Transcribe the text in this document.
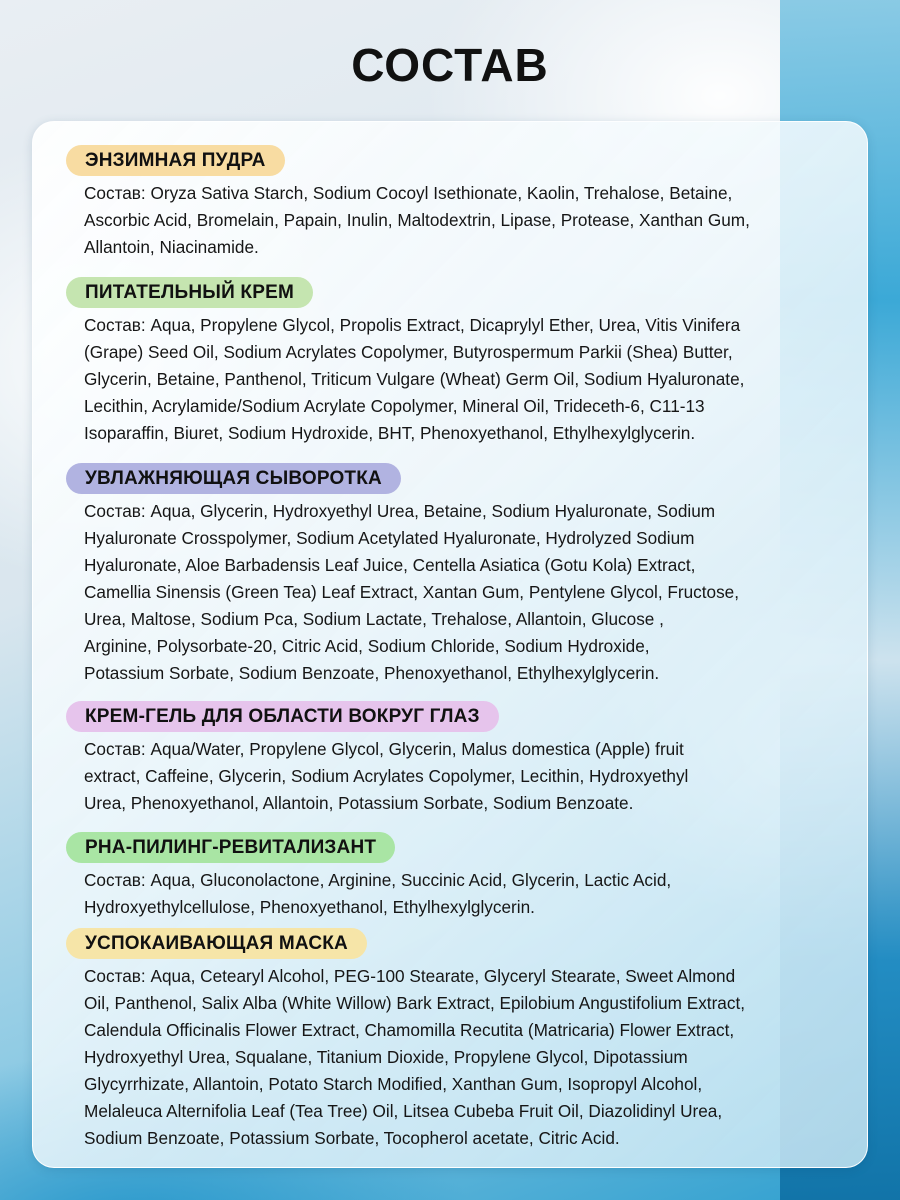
СОСТАВ
ЭНЗИМНАЯ ПУДРА
Состав: Oryza Sativa Starch, Sodium Cocoyl Isethionate, Kaolin, Trehalose, Betaine,
Ascorbic Acid, Bromelain, Papain, Inulin, Maltodextrin, Lipase, Protease, Xanthan Gum,
Allantoin, Niacinamide.
ПИТАТЕЛЬНЫЙ КРЕМ
Состав: Aqua, Propylene Glycol, Propolis Extract, Dicaprylyl Ether, Urea, Vitis Vinifera
(Grape) Seed Oil, Sodium Acrylates Copolymer, Butyrospermum Parkii (Shea) Butter,
Glycerin, Betaine, Panthenol, Triticum Vulgare (Wheat) Germ Oil, Sodium Hyaluronate,
Lecithin, Acrylamide/Sodium Acrylate Copolymer, Mineral Oil, Trideceth-6, C11-13
Isoparaffin, Biuret, Sodium Hydroxide, BHT, Phenoxyethanol, Ethylhexylglycerin.
УВЛАЖНЯЮЩАЯ СЫВОРОТКА
Состав: Aqua, Glycerin, Hydroxyethyl Urea, Betaine, Sodium Hyaluronate, Sodium
Hyaluronate Crosspolymer, Sodium Acetylated Hyaluronate, Hydrolyzed Sodium
Hyaluronate, Aloe Barbadensis Leaf Juice, Centella Asiatica (Gotu Kola) Extract,
Camellia Sinensis (Green Tea) Leaf Extract, Xantan Gum, Pentylene Glycol, Fructose,
Urea, Maltose, Sodium Pca, Sodium Lactate, Trehalose, Allantoin, Glucose ,
Arginine, Polysorbate-20, Citric Acid, Sodium Chloride, Sodium Hydroxide,
Potassium Sorbate, Sodium Benzoate, Phenoxyethanol, Ethylhexylglycerin.
КРЕМ-ГЕЛЬ ДЛЯ ОБЛАСТИ ВОКРУГ ГЛАЗ
Состав: Aqua/Water, Propylene Glycol, Glycerin, Malus domestica (Apple) fruit
extract, Caffeine, Glycerin, Sodium Acrylates Copolymer, Lecithin, Hydroxyethyl
Urea, Phenoxyethanol, Allantoin, Potassium Sorbate, Sodium Benzoate.
PHA-ПИЛИНГ-РЕВИТАЛИЗАНТ
Состав: Aqua, Gluconolactone, Arginine, Succinic Acid, Glycerin, Lactic Acid,
Hydroxyethylcellulose, Phenoxyethanol, Ethylhexylglycerin.
УСПОКАИВАЮЩАЯ МАСКА
Состав: Aqua, Cetearyl Alcohol, PEG-100 Stearate, Glyceryl Stearate, Sweet Almond
Oil, Panthenol, Salix Alba (White Willow) Bark Extract, Epilobium Angustifolium Extract,
Calendula Officinalis Flower Extract, Chamomilla Recutita (Matricaria) Flower Extract,
Hydroxyethyl Urea, Squalane, Titanium Dioxide, Propylene Glycol, Dipotassium
Glycyrrhizate, Allantoin, Potato Starch Modified, Xanthan Gum, Isopropyl Alcohol,
Melaleuca Alternifolia Leaf (Tea Tree) Oil, Litsea Cubeba Fruit Oil, Diazolidinyl Urea,
Sodium Benzoate, Potassium Sorbate, Tocopherol acetate, Citric Acid.
